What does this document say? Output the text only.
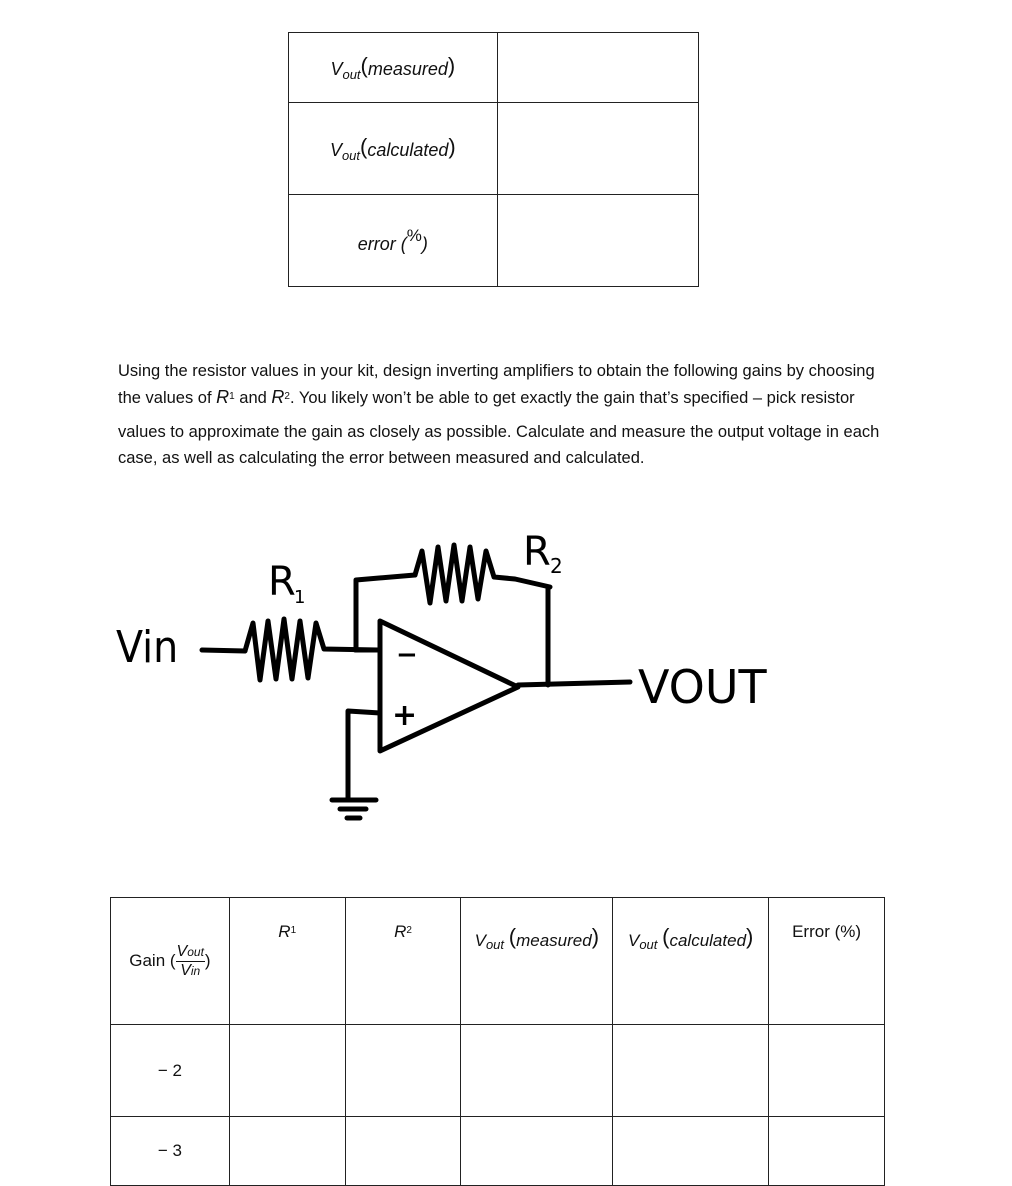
$V_{out}(measured)$	
$V_{out}(calculated)$	
error (%)	

Using the resistor values in your kit, design inverting amplifiers to obtain the following gains by choosing the values of $R^1$ and $R^2$. You likely won’t be able to get exactly the gain that’s specified – pick resistor

values to approximate the gain as closely as possible. Calculate and measure the output voltage in each case, as well as calculating the error between measured and calculated.

−
+
Vin
R
1
R 2
VOUT
Gain ( $\frac{\text{Vout}}{\text{Vin}}$ )	$R^1$	$R^2$	Vout (measured)	Vout (calculated)	Error (%)
− 2					
− 3					
